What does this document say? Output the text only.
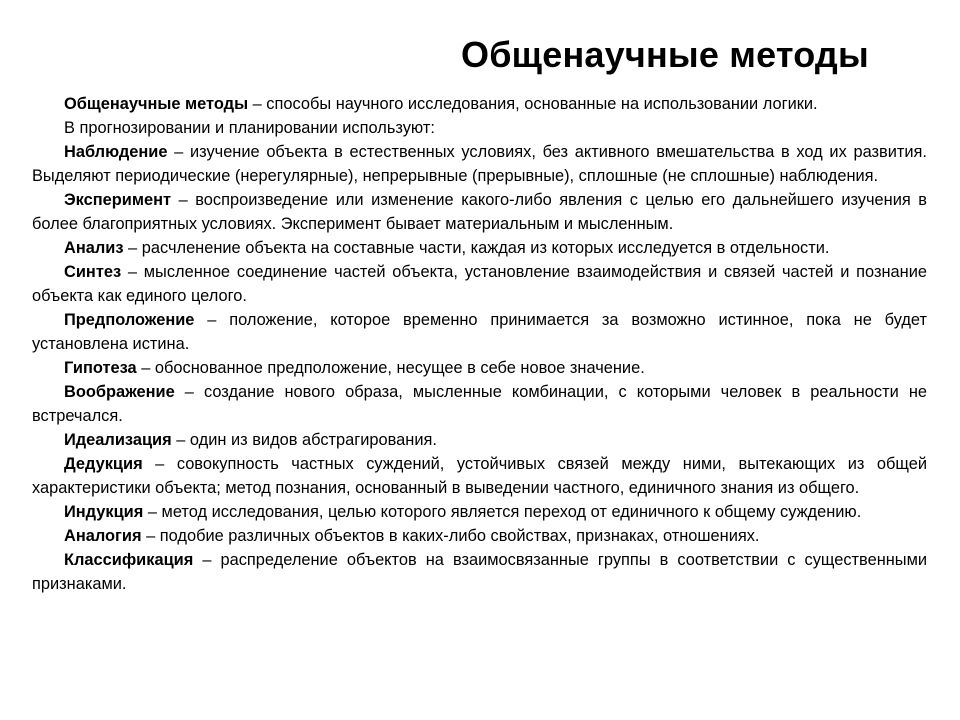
Общенаучные методы

Общенаучные методы – способы научного исследования, основанные на использовании логики.

В прогнозировании и планировании используют:

Наблюдение – изучение объекта в естественных условиях, без активного вмешательства в ход их развития. Выделяют периодические (нерегулярные), непрерывные (прерывные), сплошные (не сплошные) наблюдения.

Эксперимент – воспроизведение или изменение какого-либо явления с целью его дальнейшего изучения в более благоприятных условиях. Эксперимент бывает материальным и мысленным.

Анализ – расчленение объекта на составные части, каждая из которых исследуется в отдельности.

Синтез – мысленное соединение частей объекта, установление взаимодействия и связей частей и познание объекта как единого целого.

Предположение – положение, которое временно принимается за возможно истинное, пока не будет установлена истина.

Гипотеза – обоснованное предположение, несущее в себе новое значение.

Воображение – создание нового образа, мысленные комбинации, с которыми человек в реальности не встречался.

Идеализация – один из видов абстрагирования.

Дедукция – совокупность частных суждений, устойчивых связей между ними, вытекающих из общей характеристики объекта; метод познания, основанный в выведении частного, единичного знания из общего.

Индукция – метод исследования, целью которого является переход от единичного к общему суждению.

Аналогия – подобие различных объектов в каких-либо свойствах, признаках, отношениях.

Классификация – распределение объектов на взаимосвязанные группы в соответствии с существенными признаками.
